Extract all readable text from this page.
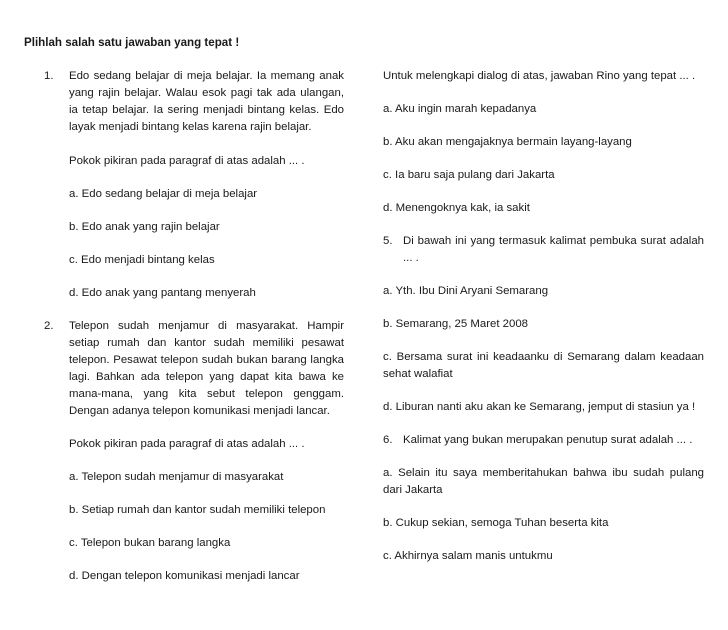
Plihlah salah satu jawaban yang tepat !
1.	Edo sedang belajar di meja belajar. Ia memang anak yang rajin belajar. Walau esok pagi tak ada ulangan, ia tetap belajar. Ia sering menjadi bintang kelas. Edo layak menjadi bintang kelas karena rajin belajar.
Pokok pikiran pada paragraf di atas adalah ... .
a. Edo sedang belajar di meja belajar
b. Edo anak yang rajin belajar
c. Edo menjadi bintang kelas
d. Edo anak yang pantang menyerah
2.	Telepon sudah menjamur di masyarakat. Hampir setiap rumah dan kantor sudah memiliki pesawat telepon. Pesawat telepon sudah bukan barang langka lagi. Bahkan ada telepon yang dapat kita bawa ke mana-mana, yang kita sebut telepon genggam. Dengan adanya telepon komunikasi menjadi lancar.
Pokok pikiran pada paragraf di atas adalah ... .
a. Telepon sudah menjamur di masyarakat
b. Setiap rumah dan kantor sudah memiliki telepon
c. Telepon bukan barang langka
d. Dengan telepon komunikasi menjadi lancar
Untuk melengkapi dialog di atas, jawaban Rino yang tepat ... .
a. Aku ingin marah kepadanya
b. Aku akan mengajaknya bermain layang-layang
c. Ia baru saja pulang dari Jakarta
d. Menengoknya kak, ia sakit
5. Di bawah ini yang termasuk kalimat pembuka surat adalah ... .
a. Yth. Ibu Dini Aryani Semarang
b. Semarang, 25 Maret 2008
c. Bersama surat ini keadaanku di Semarang dalam keadaan sehat walafiat
d. Liburan nanti aku akan ke Semarang, jemput di stasiun ya !
6. Kalimat yang bukan merupakan penutup surat adalah ... .
a. Selain itu saya memberitahukan bahwa ibu sudah pulang dari Jakarta
b. Cukup sekian, semoga Tuhan beserta kita
c. Akhirnya salam manis untukmu
